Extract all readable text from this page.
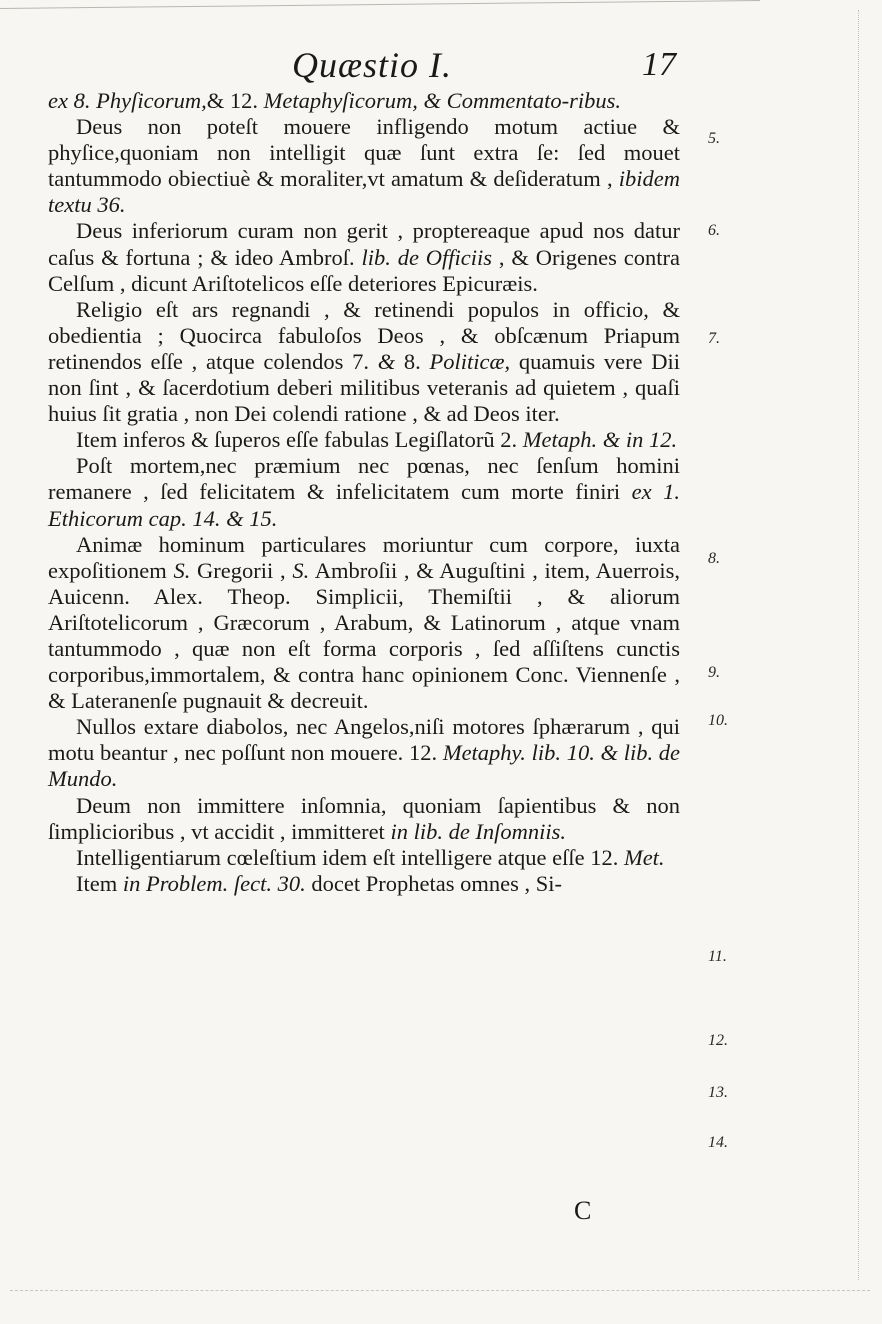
Quæstio I.	17

ex 8. Phyſicorum,& 12. Metaphyſicorum, & Commentato-ribus.

Deus non poteſt mouere infligendo motum actiue & phyſice,quoniam non intelligit quæ ſunt extra ſe: ſed mouet tantummodo obiectiuè & moraliter,vt amatum & deſideratum , ibidem textu 36.

Deus inferiorum curam non gerit , proptereaque apud nos datur caſus & fortuna ; & ideo Ambroſ. lib. de Officiis , & Origenes contra Celſum , dicunt Ariſtotelicos eſſe deteriores Epicuræis.

Religio eſt ars regnandi , & retinendi populos in officio, & obedientia ; Quocirca fabuloſos Deos , & obſcænum Priapum retinendos eſſe , atque colendos 7. & 8. Politicæ, quamuis vere Dii non ſint , & ſacerdotium deberi militibus veteranis ad quietem , quaſi huius ſit gratia , non Dei colendi ratione , & ad Deos iter.

Item inferos & ſuperos eſſe fabulas Legiſlatorũ 2. Metaph. & in 12.

Poſt mortem,nec præmium nec pœnas, nec ſenſum homini remanere , ſed felicitatem & infelicitatem cum morte finiri ex 1. Ethicorum cap. 14. & 15.

Animæ hominum particulares moriuntur cum corpore, iuxta expoſitionem S. Gregorii , S. Ambroſii , & Auguſtini , item, Auerrois, Auicenn. Alex. Theop. Simplicii, Themiſtii , & aliorum Ariſtotelicorum , Græcorum , Arabum, & Latinorum , atque vnam tantummodo , quæ non eſt forma corporis , ſed aſſiſtens cunctis corporibus,immortalem, & contra hanc opinionem Conc. Viennenſe , & Lateranenſe pugnauit & decreuit.

Nullos extare diabolos, nec Angelos,niſi motores ſphærarum , qui motu beantur , nec poſſunt non mouere. 12. Metaphy. lib. 10. & lib. de Mundo.

Deum non immittere inſomnia, quoniam ſapientibus & non ſimplicioribus , vt accidit , immitteret in lib. de Inſomniis.

Intelligentiarum cœleſtium idem eſt intelligere atque eſſe 12. Met.

Item in Problem. ſect. 30. docet Prophetas omnes , Si-

C
5.
6.
7.
8.
9.
10.
11.
12.
13.
14.
